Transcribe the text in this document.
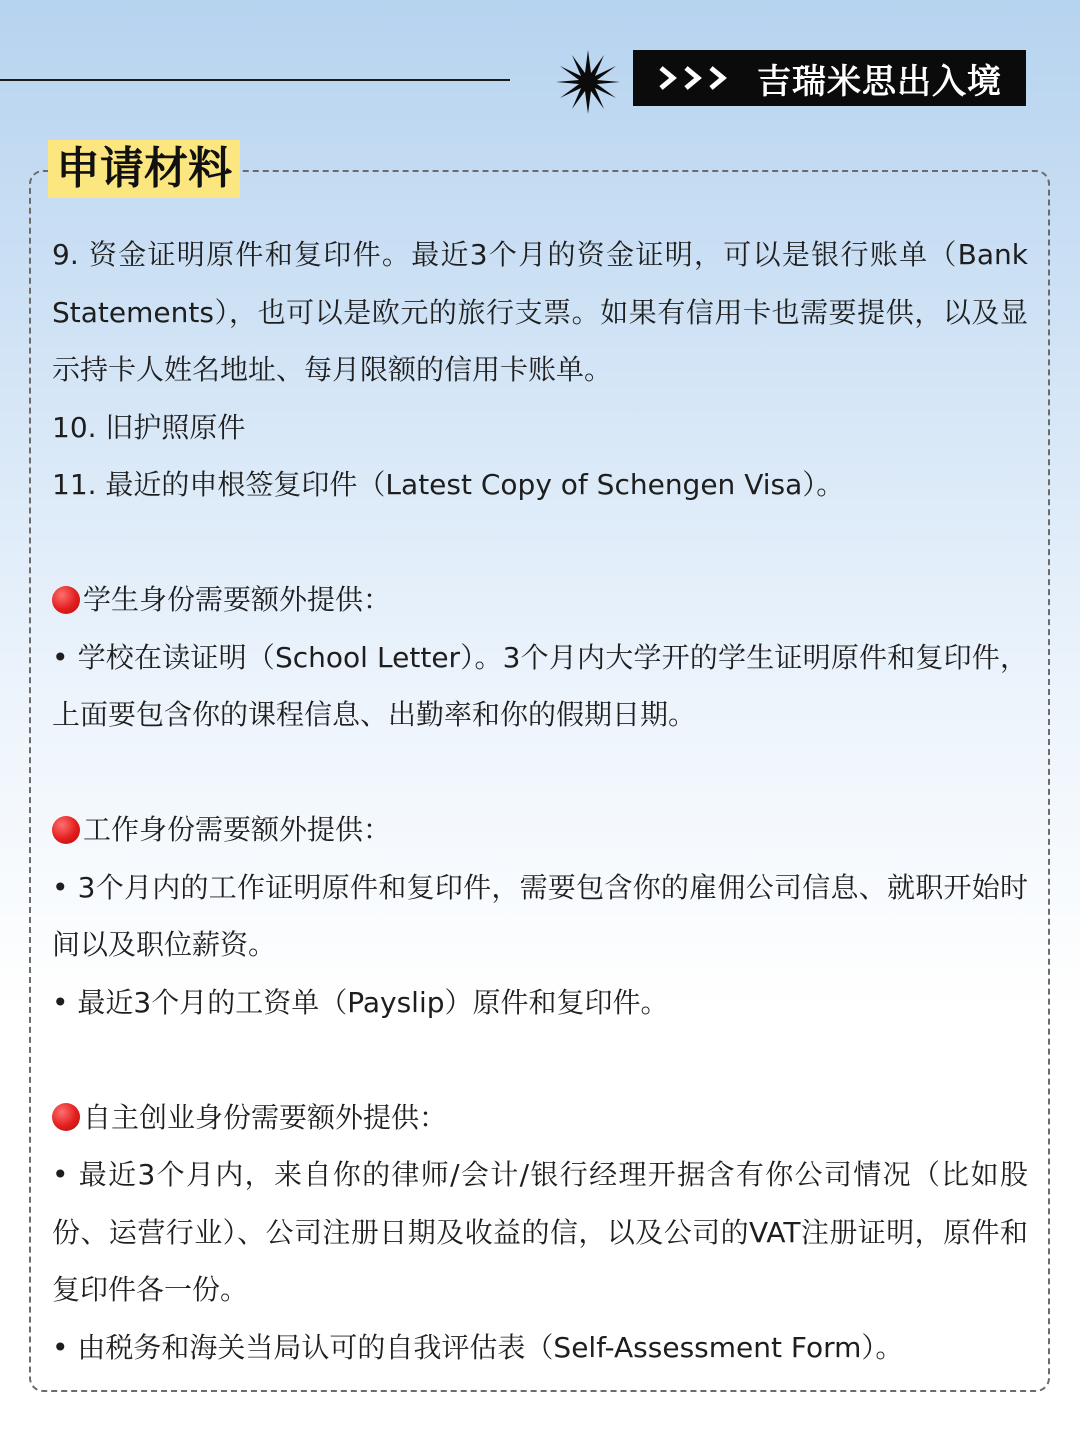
吉瑞米思出入境
申请材料

9. 资金证明原件和复印件。最近3个月的资金证明，可以是银行账单（Bank Statements），也可以是欧元的旅行支票。如果有信用卡也需要提供，以及显示持卡人姓名地址、每月限额的信用卡账单。

10. 旧护照原件

11. 最近的申根签复印件（Latest Copy of Schengen Visa）。

学生身份需要额外提供：

• 学校在读证明（School Letter）。3个月内大学开的学生证明原件和复印件，上面要包含你的课程信息、出勤率和你的假期日期。

工作身份需要额外提供：

• 3个月内的工作证明原件和复印件，需要包含你的雇佣公司信息、就职开始时间以及职位薪资。

• 最近3个月的工资单（Payslip）原件和复印件。

自主创业身份需要额外提供：

• 最近3个月内，来自你的律师/会计/银行经理开据含有你公司情况（比如股份、运营行业）、公司注册日期及收益的信，以及公司的VAT注册证明，原件和复印件各一份。

• 由税务和海关当局认可的自我评估表（Self-Assessment Form）。
